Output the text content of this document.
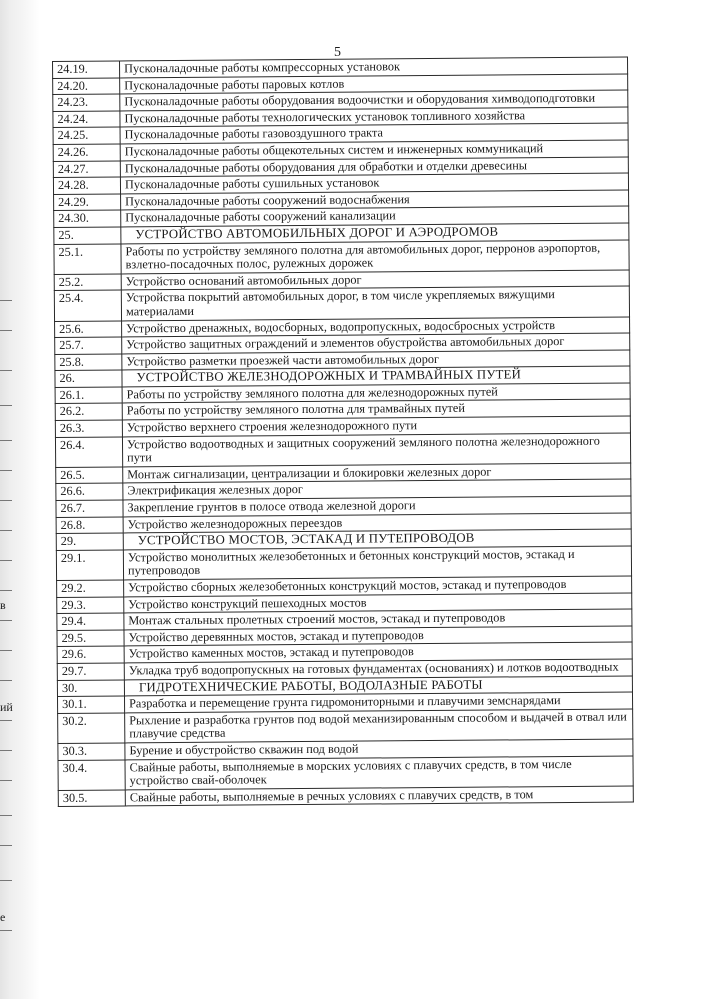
в
ий
е
5
24.19.	Пусконаладочные работы компрессорных установок
24.20.	Пусконаладочные работы паровых котлов
24.23.	Пусконаладочные работы оборудования водоочистки и оборудования химводоподготовки
24.24.	Пусконаладочные работы технологических установок топливного хозяйства
24.25.	Пусконаладочные работы газовоздушного тракта
24.26.	Пусконаладочные работы общекотельных систем и инженерных коммуникаций
24.27.	Пусконаладочные работы оборудования для обработки и отделки древесины
24.28.	Пусконаладочные работы сушильных установок
24.29.	Пусконаладочные работы сооружений водоснабжения
24.30.	Пусконаладочные работы сооружений канализации
25.	УСТРОЙСТВО АВТОМОБИЛЬНЫХ ДОРОГ И АЭРОДРОМОВ
25.1.	Работы по устройству земляного полотна для автомобильных дорог, перронов аэропортов, взлетно-посадочных полос, рулежных дорожек
25.2.	Устройство оснований автомобильных дорог
25.4.	Устройства покрытий автомобильных дорог, в том числе укрепляемых вяжущими материалами
25.6.	Устройство дренажных, водосборных, водопропускных, водосбросных устройств
25.7.	Устройство защитных ограждений и элементов обустройства автомобильных дорог
25.8.	Устройство разметки проезжей части автомобильных дорог
26.	УСТРОЙСТВО ЖЕЛЕЗНОДОРОЖНЫХ И ТРАМВАЙНЫХ ПУТЕЙ
26.1.	Работы по устройству земляного полотна для железнодорожных путей
26.2.	Работы по устройству земляного полотна для трамвайных путей
26.3.	Устройство верхнего строения железнодорожного пути
26.4.	Устройство водоотводных и защитных сооружений земляного полотна железнодорожного пути
26.5.	Монтаж сигнализации, централизации и блокировки железных дорог
26.6.	Электрификация железных дорог
26.7.	Закрепление грунтов в полосе отвода железной дороги
26.8.	Устройство железнодорожных переездов
29.	УСТРОЙСТВО МОСТОВ, ЭСТАКАД И ПУТЕПРОВОДОВ
29.1.	Устройство монолитных железобетонных и бетонных конструкций мостов, эстакад и путепроводов
29.2.	Устройство сборных железобетонных конструкций мостов, эстакад и путепроводов
29.3.	Устройство конструкций пешеходных мостов
29.4.	Монтаж стальных пролетных строений мостов, эстакад и путепроводов
29.5.	Устройство деревянных мостов, эстакад и путепроводов
29.6.	Устройство каменных мостов, эстакад и путепроводов
29.7.	Укладка труб водопропускных на готовых фундаментах (основаниях) и лотков водоотводных
30.	ГИДРОТЕХНИЧЕСКИЕ РАБОТЫ, ВОДОЛАЗНЫЕ РАБОТЫ
30.1.	Разработка и перемещение грунта гидромониторными и плавучими земснарядами
30.2.	Рыхление и разработка грунтов под водой механизированным способом и выдачей в отвал или плавучие средства
30.3.	Бурение и обустройство скважин под водой
30.4.	Свайные работы, выполняемые в морских условиях с плавучих средств, в том числе устройство свай-оболочек
30.5.	Свайные работы, выполняемые в речных условиях с плавучих средств, в том
